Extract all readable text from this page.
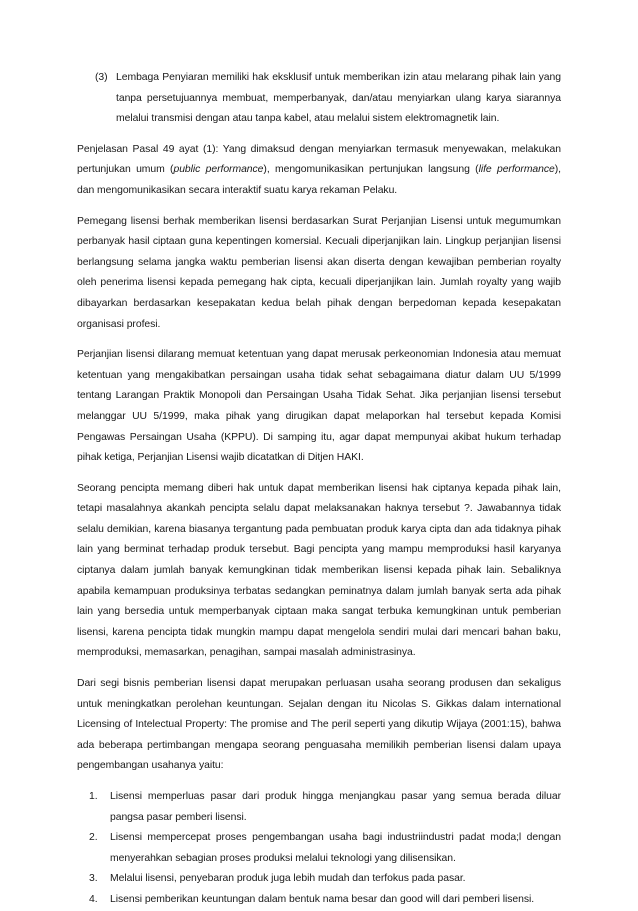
(3) Lembaga Penyiaran memiliki hak eksklusif untuk memberikan izin atau melarang pihak lain yang tanpa persetujuannya membuat, memperbanyak, dan/atau menyiarkan ulang karya siarannya melalui transmisi dengan atau tanpa kabel, atau melalui sistem elektromagnetik lain.

Penjelasan Pasal 49 ayat (1): Yang dimaksud dengan menyiarkan termasuk menyewakan, melakukan pertunjukan umum (public performance), mengomunikasikan pertunjukan langsung (life performance), dan mengomunikasikan secara interaktif suatu karya rekaman Pelaku.

Pemegang lisensi berhak memberikan lisensi berdasarkan Surat Perjanjian Lisensi untuk megumumkan perbanyak hasil ciptaan guna kepentingen komersial. Kecuali diperjanjikan lain. Lingkup perjanjian lisensi berlangsung selama jangka waktu pemberian lisensi akan diserta dengan kewajiban pemberian royalty oleh penerima lisensi kepada pemegang hak cipta, kecuali diperjanjikan lain. Jumlah royalty yang wajib dibayarkan berdasarkan kesepakatan kedua belah pihak dengan berpedoman kepada kesepakatan organisasi profesi.

Perjanjian lisensi dilarang memuat ketentuan yang dapat merusak perkeonomian Indonesia atau memuat ketentuan yang mengakibatkan persaingan usaha tidak sehat sebagaimana diatur dalam UU 5/1999 tentang Larangan Praktik Monopoli dan Persaingan Usaha Tidak Sehat. Jika perjanjian lisensi tersebut melanggar UU 5/1999, maka pihak yang dirugikan dapat melaporkan hal tersebut kepada Komisi Pengawas Persaingan Usaha (KPPU). Di samping itu, agar dapat mempunyai akibat hukum terhadap pihak ketiga, Perjanjian Lisensi wajib dicatatkan di Ditjen HAKI.

Seorang pencipta memang diberi hak untuk dapat memberikan lisensi hak ciptanya kepada pihak lain, tetapi masalahnya akankah pencipta selalu dapat melaksanakan haknya tersebut ?. Jawabannya tidak selalu demikian, karena biasanya tergantung pada pembuatan produk karya cipta dan ada tidaknya pihak lain yang berminat terhadap produk tersebut. Bagi pencipta yang mampu memproduksi hasil karyanya ciptanya dalam jumlah banyak kemungkinan tidak memberikan lisensi kepada pihak lain. Sebaliknya apabila kemampuan produksinya terbatas sedangkan peminatnya dalam jumlah banyak serta ada pihak lain yang bersedia untuk memperbanyak ciptaan maka sangat terbuka kemungkinan untuk pemberian lisensi, karena pencipta tidak mungkin mampu dapat mengelola sendiri mulai dari mencari bahan baku, memproduksi, memasarkan, penagihan, sampai masalah administrasinya.

Dari segi bisnis pemberian lisensi dapat merupakan perluasan usaha seorang produsen dan sekaligus untuk meningkatkan perolehan keuntungan. Sejalan dengan itu Nicolas S. Gikkas dalam international Licensing of Intelectual Property: The promise and The peril seperti yang dikutip Wijaya (2001:15), bahwa ada beberapa pertimbangan mengapa seorang penguasaha memilikih pemberian lisensi dalam upaya pengembangan usahanya yaitu:

1.	Lisensi memperluas pasar dari produk hingga menjangkau pasar yang semua berada diluar pangsa pasar pemberi lisensi.
2.	Lisensi mempercepat proses pengembangan usaha bagi industriindustri padat moda;l dengan menyerahkan sebagian proses produksi melalui teknologi yang dilisensikan.
3.	Melalui lisensi, penyebaran produk juga lebih mudah dan terfokus pada pasar.
4.	Lisensi pemberikan keuntungan dalam bentuk nama besar dan good will dari pemberi lisensi.
